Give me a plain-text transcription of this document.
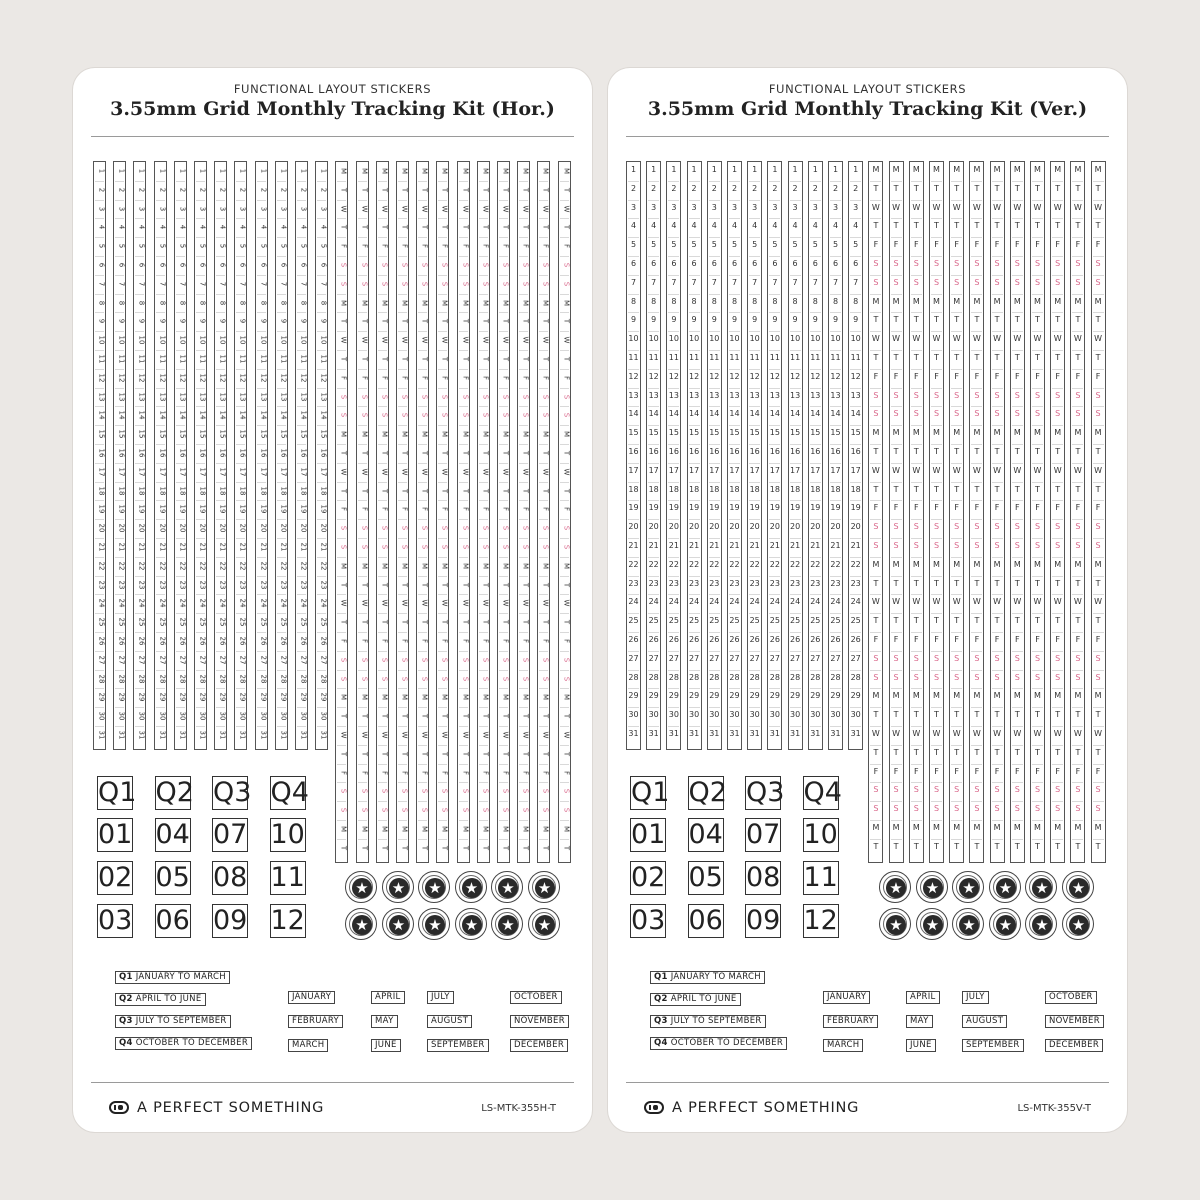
FUNCTIONAL LAYOUT STICKERS
3.55mm Grid Monthly Tracking Kit (Hor.)
1
2
3
4
5
6
7
8
9
10
11
12
13
14
15
16
17
18
19
20
21
22
23
24
25
26
27
28
29
30
31
1
2
3
4
5
6
7
8
9
10
11
12
13
14
15
16
17
18
19
20
21
22
23
24
25
26
27
28
29
30
31
1
2
3
4
5
6
7
8
9
10
11
12
13
14
15
16
17
18
19
20
21
22
23
24
25
26
27
28
29
30
31
1
2
3
4
5
6
7
8
9
10
11
12
13
14
15
16
17
18
19
20
21
22
23
24
25
26
27
28
29
30
31
1
2
3
4
5
6
7
8
9
10
11
12
13
14
15
16
17
18
19
20
21
22
23
24
25
26
27
28
29
30
31
1
2
3
4
5
6
7
8
9
10
11
12
13
14
15
16
17
18
19
20
21
22
23
24
25
26
27
28
29
30
31
1
2
3
4
5
6
7
8
9
10
11
12
13
14
15
16
17
18
19
20
21
22
23
24
25
26
27
28
29
30
31
1
2
3
4
5
6
7
8
9
10
11
12
13
14
15
16
17
18
19
20
21
22
23
24
25
26
27
28
29
30
31
1
2
3
4
5
6
7
8
9
10
11
12
13
14
15
16
17
18
19
20
21
22
23
24
25
26
27
28
29
30
31
1
2
3
4
5
6
7
8
9
10
11
12
13
14
15
16
17
18
19
20
21
22
23
24
25
26
27
28
29
30
31
1
2
3
4
5
6
7
8
9
10
11
12
13
14
15
16
17
18
19
20
21
22
23
24
25
26
27
28
29
30
31
1
2
3
4
5
6
7
8
9
10
11
12
13
14
15
16
17
18
19
20
21
22
23
24
25
26
27
28
29
30
31
M
T
W
T
F
S
S
M
T
W
T
F
S
S
M
T
W
T
F
S
S
M
T
W
T
F
S
S
M
T
W
T
F
S
S
M
T
M
T
W
T
F
S
S
M
T
W
T
F
S
S
M
T
W
T
F
S
S
M
T
W
T
F
S
S
M
T
W
T
F
S
S
M
T
M
T
W
T
F
S
S
M
T
W
T
F
S
S
M
T
W
T
F
S
S
M
T
W
T
F
S
S
M
T
W
T
F
S
S
M
T
M
T
W
T
F
S
S
M
T
W
T
F
S
S
M
T
W
T
F
S
S
M
T
W
T
F
S
S
M
T
W
T
F
S
S
M
T
M
T
W
T
F
S
S
M
T
W
T
F
S
S
M
T
W
T
F
S
S
M
T
W
T
F
S
S
M
T
W
T
F
S
S
M
T
M
T
W
T
F
S
S
M
T
W
T
F
S
S
M
T
W
T
F
S
S
M
T
W
T
F
S
S
M
T
W
T
F
S
S
M
T
M
T
W
T
F
S
S
M
T
W
T
F
S
S
M
T
W
T
F
S
S
M
T
W
T
F
S
S
M
T
W
T
F
S
S
M
T
M
T
W
T
F
S
S
M
T
W
T
F
S
S
M
T
W
T
F
S
S
M
T
W
T
F
S
S
M
T
W
T
F
S
S
M
T
M
T
W
T
F
S
S
M
T
W
T
F
S
S
M
T
W
T
F
S
S
M
T
W
T
F
S
S
M
T
W
T
F
S
S
M
T
M
T
W
T
F
S
S
M
T
W
T
F
S
S
M
T
W
T
F
S
S
M
T
W
T
F
S
S
M
T
W
T
F
S
S
M
T
M
T
W
T
F
S
S
M
T
W
T
F
S
S
M
T
W
T
F
S
S
M
T
W
T
F
S
S
M
T
W
T
F
S
S
M
T
M
T
W
T
F
S
S
M
T
W
T
F
S
S
M
T
W
T
F
S
S
M
T
W
T
F
S
S
M
T
W
T
F
S
S
M
T
Q1 Q2 Q3 Q4
01 04 07 10
02 05 08 11
03 06 09 12
★ ★ ★ ★ ★ ★
★ ★ ★ ★ ★ ★
Q1 JANUARY TO MARCH
Q2 APRIL TO JUNE
Q3 JULY TO SEPTEMBER
Q4 OCTOBER TO DECEMBER
JANUARY	APRIL	JULY	OCTOBER
FEBRUARY	MAY	AUGUST	NOVEMBER
MARCH	JUNE	SEPTEMBER	DECEMBER
A PERFECT SOMETHING	LS-MTK-355H-T
FUNCTIONAL LAYOUT STICKERS
3.55mm Grid Monthly Tracking Kit (Ver.)
1
2
3
4
5
6
7
8
9
10
11
12
13
14
15
16
17
18
19
20
21
22
23
24
25
26
27
28
29
30
31
1
2
3
4
5
6
7
8
9
10
11
12
13
14
15
16
17
18
19
20
21
22
23
24
25
26
27
28
29
30
31
1
2
3
4
5
6
7
8
9
10
11
12
13
14
15
16
17
18
19
20
21
22
23
24
25
26
27
28
29
30
31
1
2
3
4
5
6
7
8
9
10
11
12
13
14
15
16
17
18
19
20
21
22
23
24
25
26
27
28
29
30
31
1
2
3
4
5
6
7
8
9
10
11
12
13
14
15
16
17
18
19
20
21
22
23
24
25
26
27
28
29
30
31
1
2
3
4
5
6
7
8
9
10
11
12
13
14
15
16
17
18
19
20
21
22
23
24
25
26
27
28
29
30
31
1
2
3
4
5
6
7
8
9
10
11
12
13
14
15
16
17
18
19
20
21
22
23
24
25
26
27
28
29
30
31
1
2
3
4
5
6
7
8
9
10
11
12
13
14
15
16
17
18
19
20
21
22
23
24
25
26
27
28
29
30
31
1
2
3
4
5
6
7
8
9
10
11
12
13
14
15
16
17
18
19
20
21
22
23
24
25
26
27
28
29
30
31
1
2
3
4
5
6
7
8
9
10
11
12
13
14
15
16
17
18
19
20
21
22
23
24
25
26
27
28
29
30
31
1
2
3
4
5
6
7
8
9
10
11
12
13
14
15
16
17
18
19
20
21
22
23
24
25
26
27
28
29
30
31
1
2
3
4
5
6
7
8
9
10
11
12
13
14
15
16
17
18
19
20
21
22
23
24
25
26
27
28
29
30
31
M
T
W
T
F
S
S
M
T
W
T
F
S
S
M
T
W
T
F
S
S
M
T
W
T
F
S
S
M
T
W
T
F
S
S
M
T
M
T
W
T
F
S
S
M
T
W
T
F
S
S
M
T
W
T
F
S
S
M
T
W
T
F
S
S
M
T
W
T
F
S
S
M
T
M
T
W
T
F
S
S
M
T
W
T
F
S
S
M
T
W
T
F
S
S
M
T
W
T
F
S
S
M
T
W
T
F
S
S
M
T
M
T
W
T
F
S
S
M
T
W
T
F
S
S
M
T
W
T
F
S
S
M
T
W
T
F
S
S
M
T
W
T
F
S
S
M
T
M
T
W
T
F
S
S
M
T
W
T
F
S
S
M
T
W
T
F
S
S
M
T
W
T
F
S
S
M
T
W
T
F
S
S
M
T
M
T
W
T
F
S
S
M
T
W
T
F
S
S
M
T
W
T
F
S
S
M
T
W
T
F
S
S
M
T
W
T
F
S
S
M
T
M
T
W
T
F
S
S
M
T
W
T
F
S
S
M
T
W
T
F
S
S
M
T
W
T
F
S
S
M
T
W
T
F
S
S
M
T
M
T
W
T
F
S
S
M
T
W
T
F
S
S
M
T
W
T
F
S
S
M
T
W
T
F
S
S
M
T
W
T
F
S
S
M
T
M
T
W
T
F
S
S
M
T
W
T
F
S
S
M
T
W
T
F
S
S
M
T
W
T
F
S
S
M
T
W
T
F
S
S
M
T
M
T
W
T
F
S
S
M
T
W
T
F
S
S
M
T
W
T
F
S
S
M
T
W
T
F
S
S
M
T
W
T
F
S
S
M
T
M
T
W
T
F
S
S
M
T
W
T
F
S
S
M
T
W
T
F
S
S
M
T
W
T
F
S
S
M
T
W
T
F
S
S
M
T
M
T
W
T
F
S
S
M
T
W
T
F
S
S
M
T
W
T
F
S
S
M
T
W
T
F
S
S
M
T
W
T
F
S
S
M
T
Q1 Q2 Q3 Q4
01 04 07 10
02 05 08 11
03 06 09 12
★ ★ ★ ★ ★ ★
★ ★ ★ ★ ★ ★
Q1 JANUARY TO MARCH
Q2 APRIL TO JUNE
Q3 JULY TO SEPTEMBER
Q4 OCTOBER TO DECEMBER
JANUARY	APRIL	JULY	OCTOBER
FEBRUARY	MAY	AUGUST	NOVEMBER
MARCH	JUNE	SEPTEMBER	DECEMBER
A PERFECT SOMETHING	LS-MTK-355V-T
